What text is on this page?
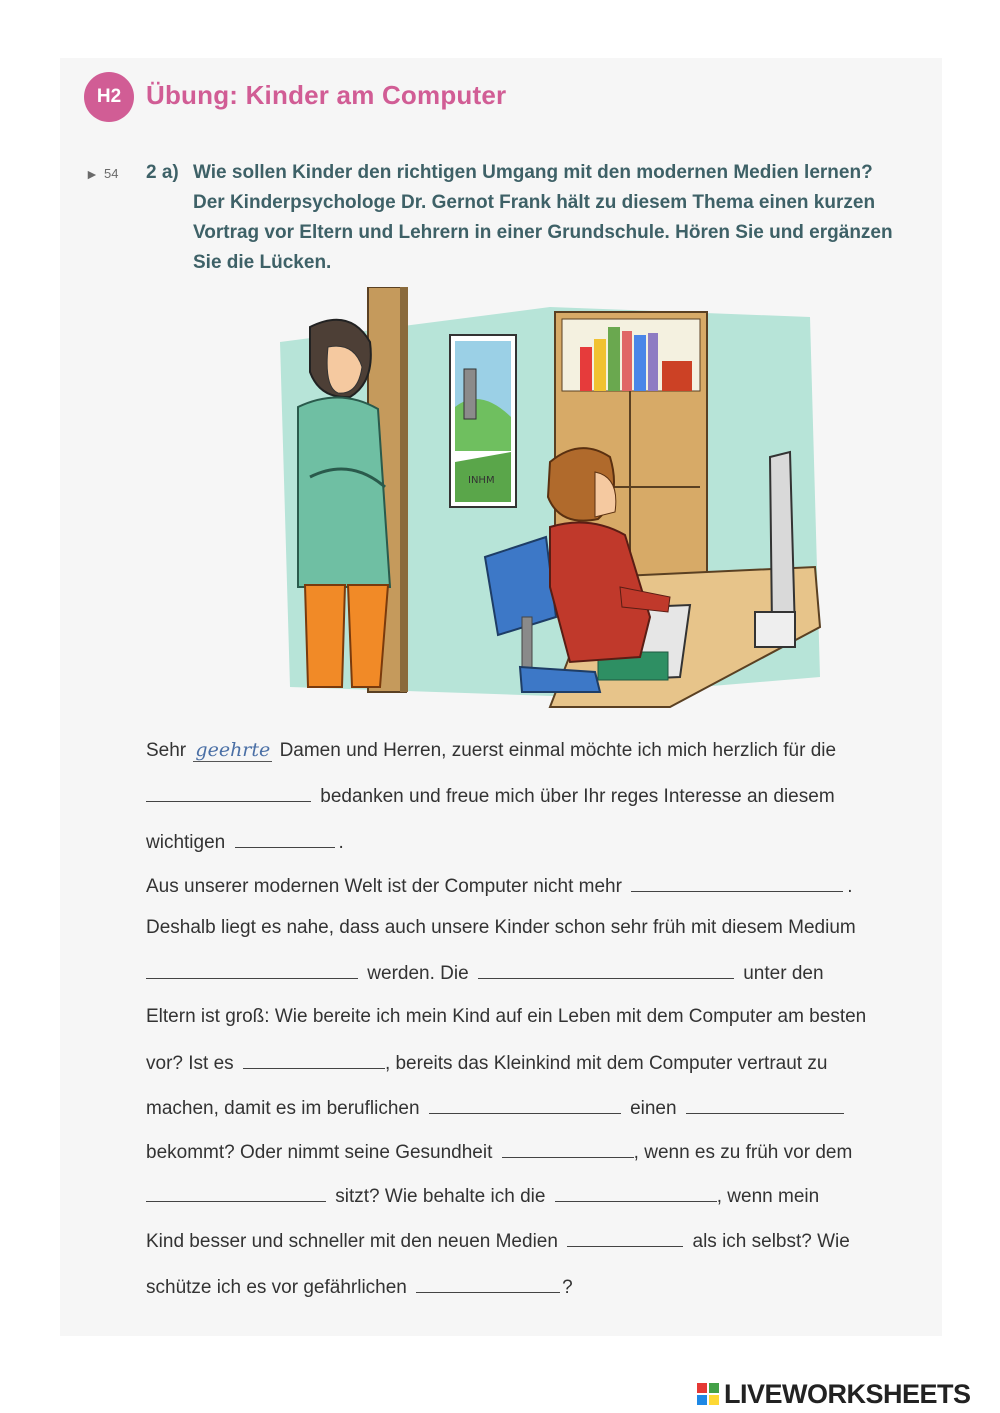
H2 Übung: Kinder am Computer
► 54 2 a) Wie sollen Kinder den richtigen Umgang mit den modernen Medien lernen?
Der Kinderpsychologe Dr. Gernot Frank hält zu diesem Thema einen kurzen
Vortrag vor Eltern und Lehrern in einer Grundschule. Hören Sie und ergänzen
Sie die Lücken.
INHM
Sehr geehrte Damen und Herren, zuerst einmal möchte ich mich herzlich für die
bedanken und freue mich über Ihr reges Interesse an diesem
wichtigen	.
Aus unserer modernen Welt ist der Computer nicht mehr	.
Deshalb liegt es nahe, dass auch unsere Kinder schon sehr früh mit diesem Medium
werden. Die	unter den
Eltern ist groß: Wie bereite ich mein Kind auf ein Leben mit dem Computer am besten
vor? Ist es	, bereits das Kleinkind mit dem Computer vertraut zu
machen, damit es im beruflichen	einen
bekommt? Oder nimmt seine Gesundheit	, wenn es zu früh vor dem
sitzt? Wie behalte ich die	, wenn mein
Kind besser und schneller mit den neuen Medien	als ich selbst? Wie
schütze ich es vor gefährlichen	?
LIVEWORKSHEETS
